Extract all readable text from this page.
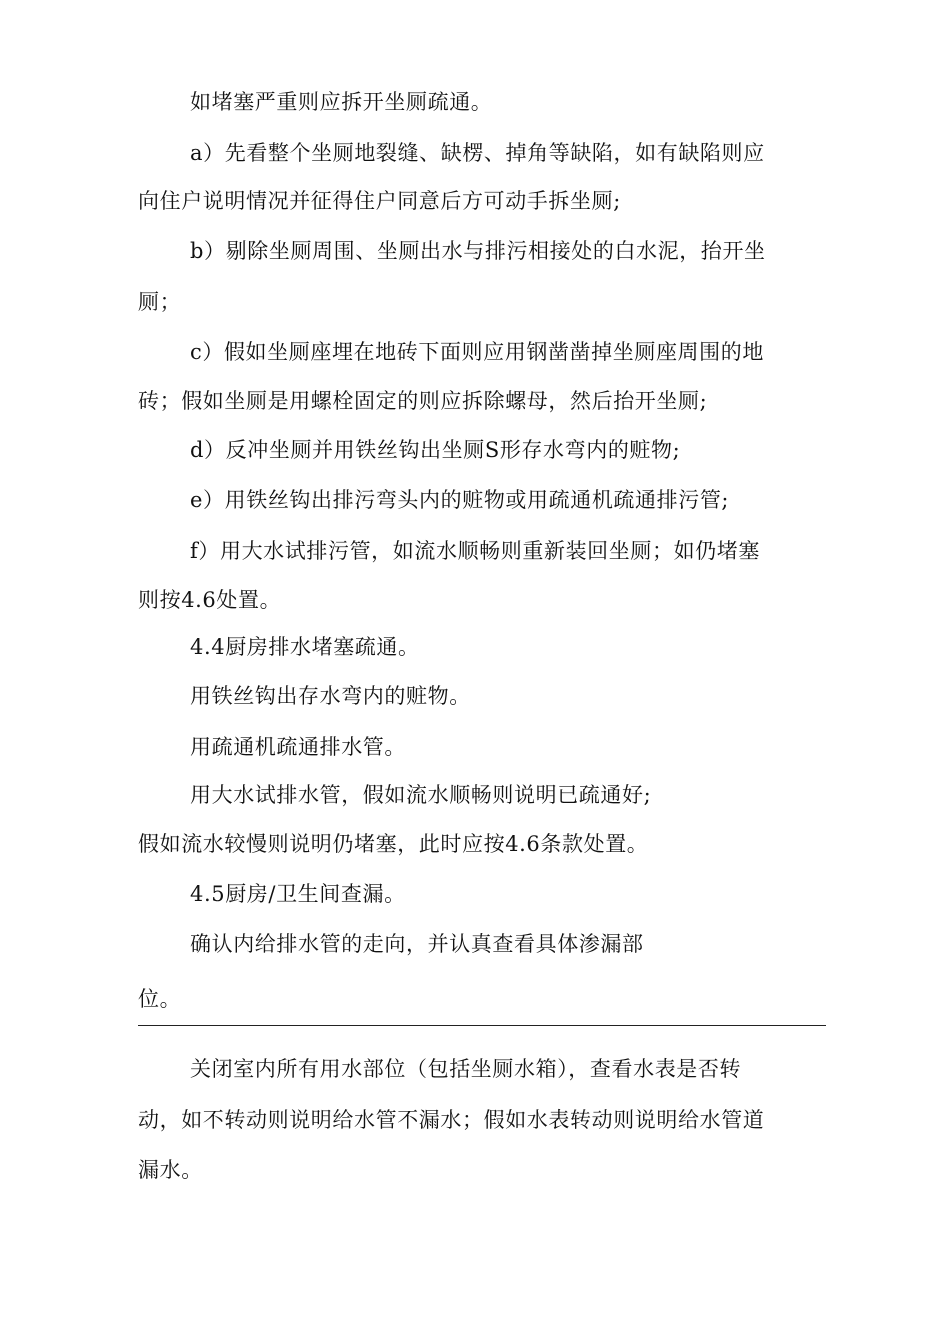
如堵塞严重则应拆开坐厕疏通。
a）先看整个坐厕地裂缝、缺楞、掉角等缺陷，如有缺陷则应
向住户说明情况并征得住户同意后方可动手拆坐厕;
b）剔除坐厕周围、坐厕出水与排污相接处的白水泥，抬开坐
厕；
c）假如坐厕座埋在地砖下面则应用钢凿凿掉坐厕座周围的地
砖；假如坐厕是用螺栓固定的则应拆除螺母，然后抬开坐厕;
d）反冲坐厕并用铁丝钩出坐厕S形存水弯内的赃物;
e）用铁丝钩出排污弯头内的赃物或用疏通机疏通排污管;
f）用大水试排污管，如流水顺畅则重新装回坐厕；如仍堵塞
则按4.6处置。
4.4厨房排水堵塞疏通。
用铁丝钩出存水弯内的赃物。
用疏通机疏通排水管。
用大水试排水管，假如流水顺畅则说明已疏通好;
假如流水较慢则说明仍堵塞，此时应按4.6条款处置。
4.5厨房/卫生间查漏。
确认内给排水管的走向，并认真查看具体渗漏部
位。
关闭室内所有用水部位（包括坐厕水箱），查看水表是否转
动，如不转动则说明给水管不漏水；假如水表转动则说明给水管道
漏水。
